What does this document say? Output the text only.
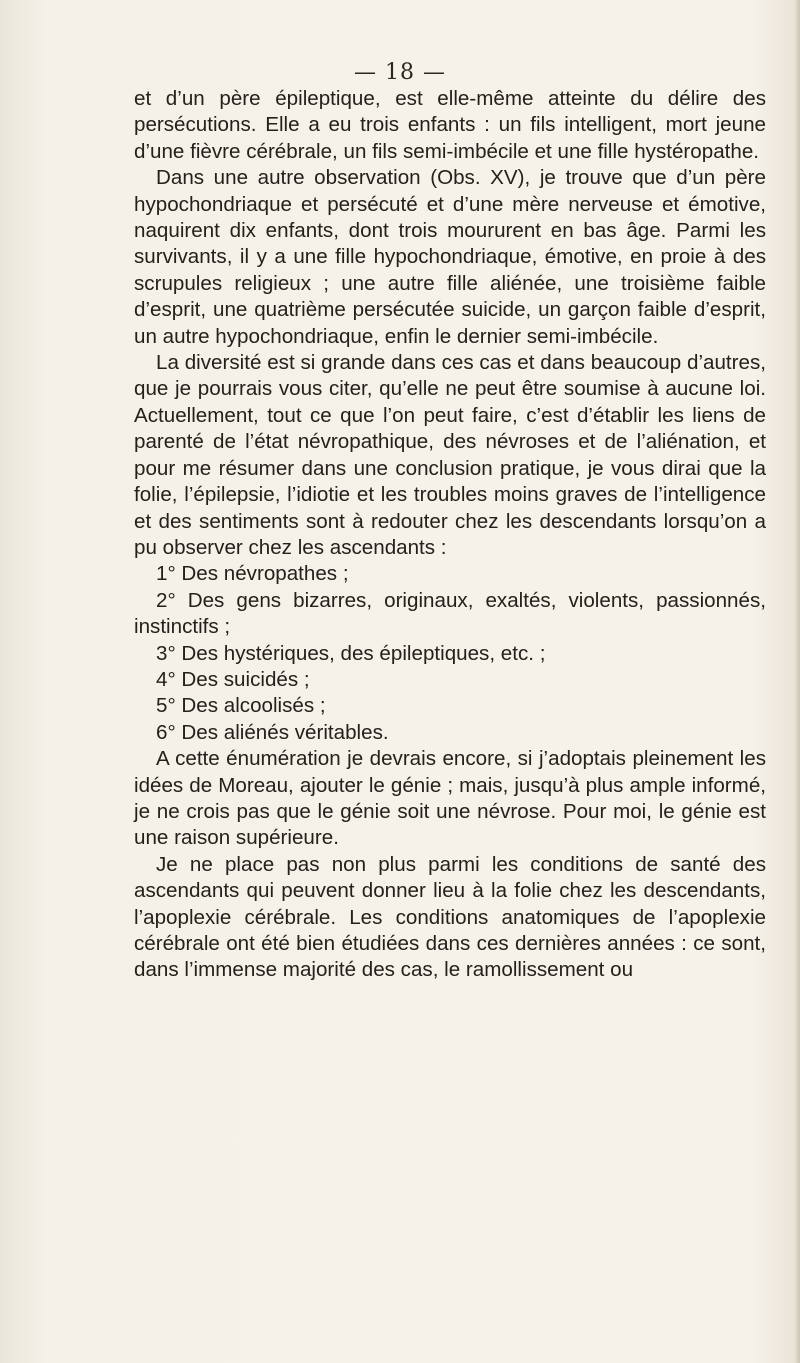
— 18 —

et d’un père épileptique, est elle-même atteinte du délire des persécutions. Elle a eu trois enfants : un fils intelligent, mort jeune d’une fièvre cérébrale, un fils semi-imbécile et une fille hystéropathe.

Dans une autre observation (Obs. XV), je trouve que d’un père hypochondriaque et persécuté et d’une mère nerveuse et émotive, naquirent dix enfants, dont trois moururent en bas âge. Parmi les survivants, il y a une fille hypochondriaque, émotive, en proie à des scrupules religieux ; une autre fille aliénée, une troisième faible d’esprit, une quatrième persécutée suicide, un garçon faible d’esprit, un autre hypochondriaque, enfin le dernier semi-imbécile.

La diversité est si grande dans ces cas et dans beaucoup d’autres, que je pourrais vous citer, qu’elle ne peut être soumise à aucune loi. Actuellement, tout ce que l’on peut faire, c’est d’établir les liens de parenté de l’état névropathique, des névroses et de l’aliénation, et pour me résumer dans une conclusion pratique, je vous dirai que la folie, l’épilepsie, l’idiotie et les troubles moins graves de l’intelligence et des sentiments sont à redouter chez les descendants lorsqu’on a pu observer chez les ascendants :

1° Des névropathes ;

2° Des gens bizarres, originaux, exaltés, violents, passionnés, instinctifs ;

3° Des hystériques, des épileptiques, etc. ;

4° Des suicidés ;

5° Des alcoolisés ;

6° Des aliénés véritables.

A cette énumération je devrais encore, si j’adoptais pleinement les idées de Moreau, ajouter le génie ; mais, jusqu’à plus ample informé, je ne crois pas que le génie soit une névrose. Pour moi, le génie est une raison supérieure.

Je ne place pas non plus parmi les conditions de santé des ascendants qui peuvent donner lieu à la folie chez les descendants, l’apoplexie cérébrale. Les conditions anatomiques de l’apoplexie cérébrale ont été bien étudiées dans ces dernières années : ce sont, dans l’immense majorité des cas, le ramollissement ou
